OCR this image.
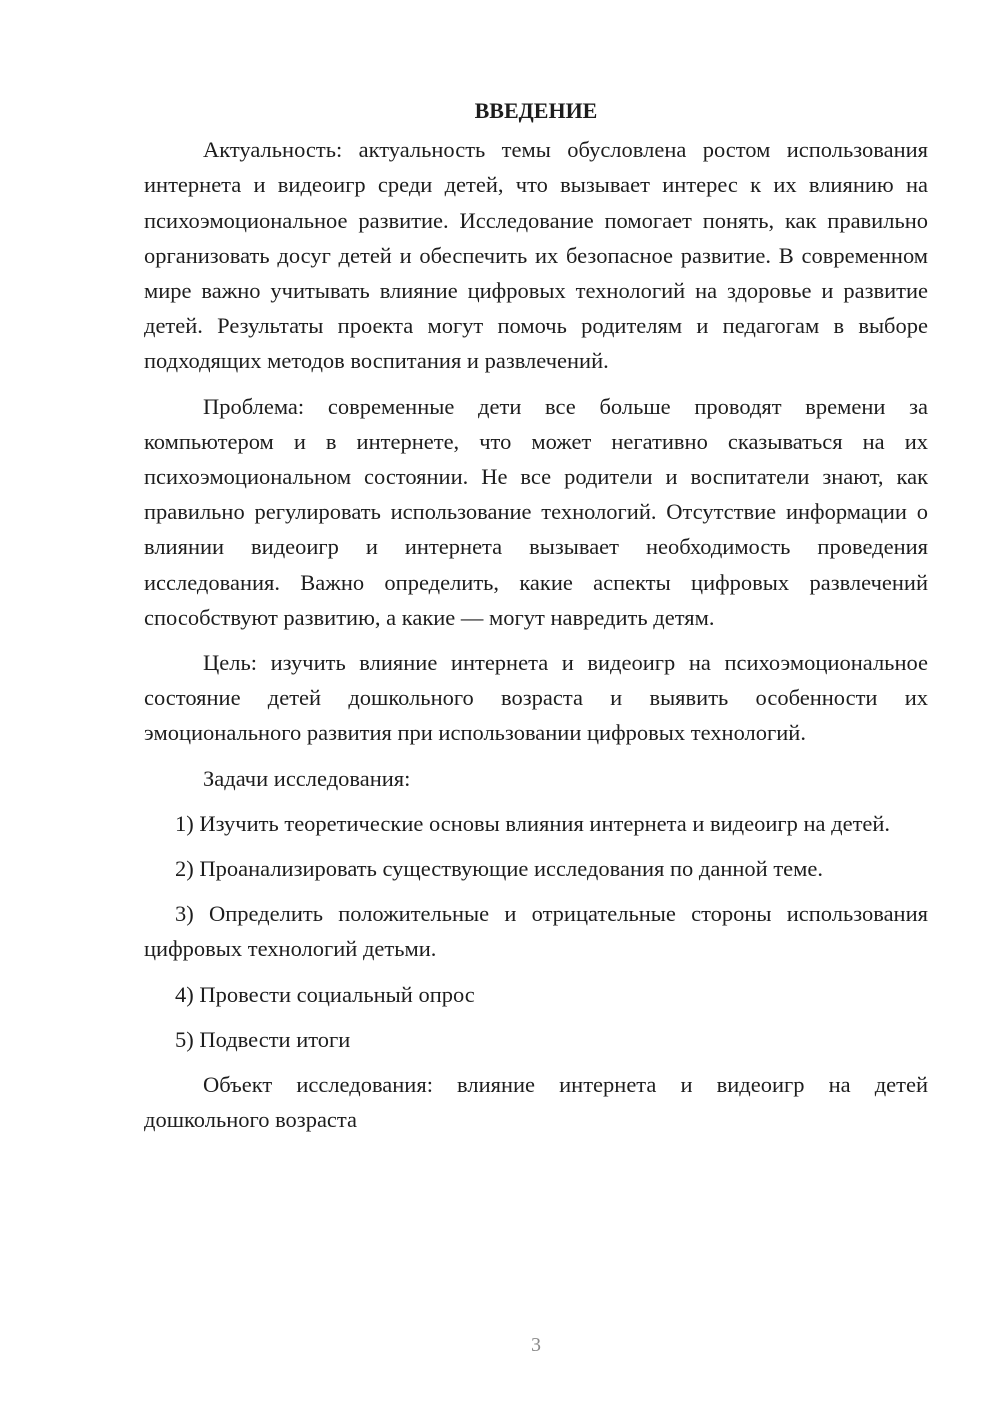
ВВЕДЕНИЕ

Актуальность: актуальность темы обусловлена ростом использования интернета и видеоигр среди детей, что вызывает интерес к их влиянию на психоэмоциональное развитие. Исследование помогает понять, как правильно организовать досуг детей и обеспечить их безопасное развитие. В современном мире важно учитывать влияние цифровых технологий на здоровье и развитие детей. Результаты проекта могут помочь родителям и педагогам в выборе подходящих методов воспитания и развлечений.

Проблема: современные дети все больше проводят времени за компьютером и в интернете, что может негативно сказываться на их психоэмоциональном состоянии. Не все родители и воспитатели знают, как правильно регулировать использование технологий. Отсутствие информации о влиянии видеоигр и интернета вызывает необходимость проведения исследования. Важно определить, какие аспекты цифровых развлечений способствуют развитию, а какие — могут навредить детям.

Цель: изучить влияние интернета и видеоигр на психоэмоциональное состояние детей дошкольного возраста и выявить особенности их эмоционального развития при использовании цифровых технологий.

Задачи исследования:

1) Изучить теоретические основы влияния интернета и видеоигр на детей.

2) Проанализировать существующие исследования по данной теме.

3) Определить положительные и отрицательные стороны использования цифровых технологий детьми.

4) Провести социальный опрос

5) Подвести итоги

Объект исследования: влияние интернета и видеоигр на детей дошкольного возраста

3
